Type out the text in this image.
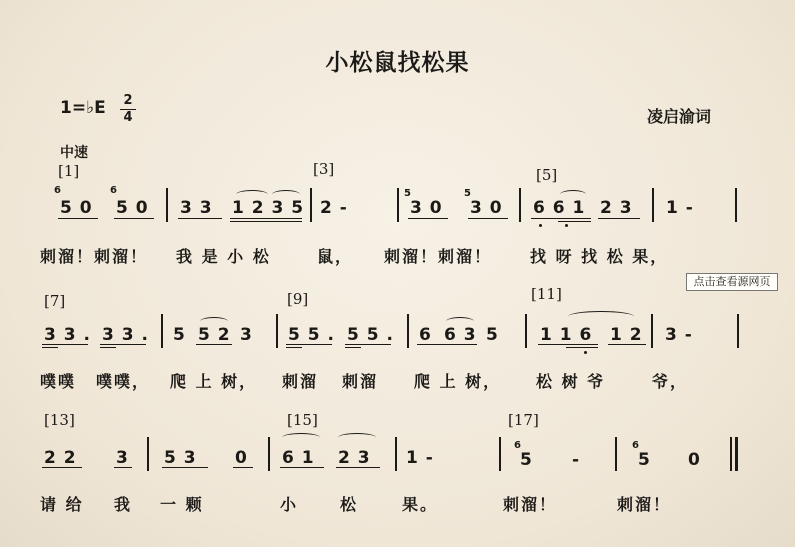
小松鼠找松果
1=♭E 2
4	凌启渝词
中速
[1]	[3]	[5]
[7]	[9]	[11]
[13]	[15]	[17]
6	6	5	5
5 0 5 0 3 3 1 2 3 5 2 -	3 0 3 0 6 6 1 2 3 1 -
刺溜！刺溜！ 我 是 小 松	鼠， 刺溜！刺溜！ 找 呀 找 松 果，
点击查看源网页
3 3 . 3 3 . 5 5 2 3 5 5 . 5 5 . 6 6 3 5 1 1 6 1 2 3 -
噗噗 噗噗， 爬 上 树， 刺溜 刺溜 爬 上 树， 松 树 爷	爷，
2 2 3 5 3 0 6 1 2 3 1 -
6
5 -
6
5 0
请 给 我 一 颗	小	松	果。	刺溜！	刺溜！
